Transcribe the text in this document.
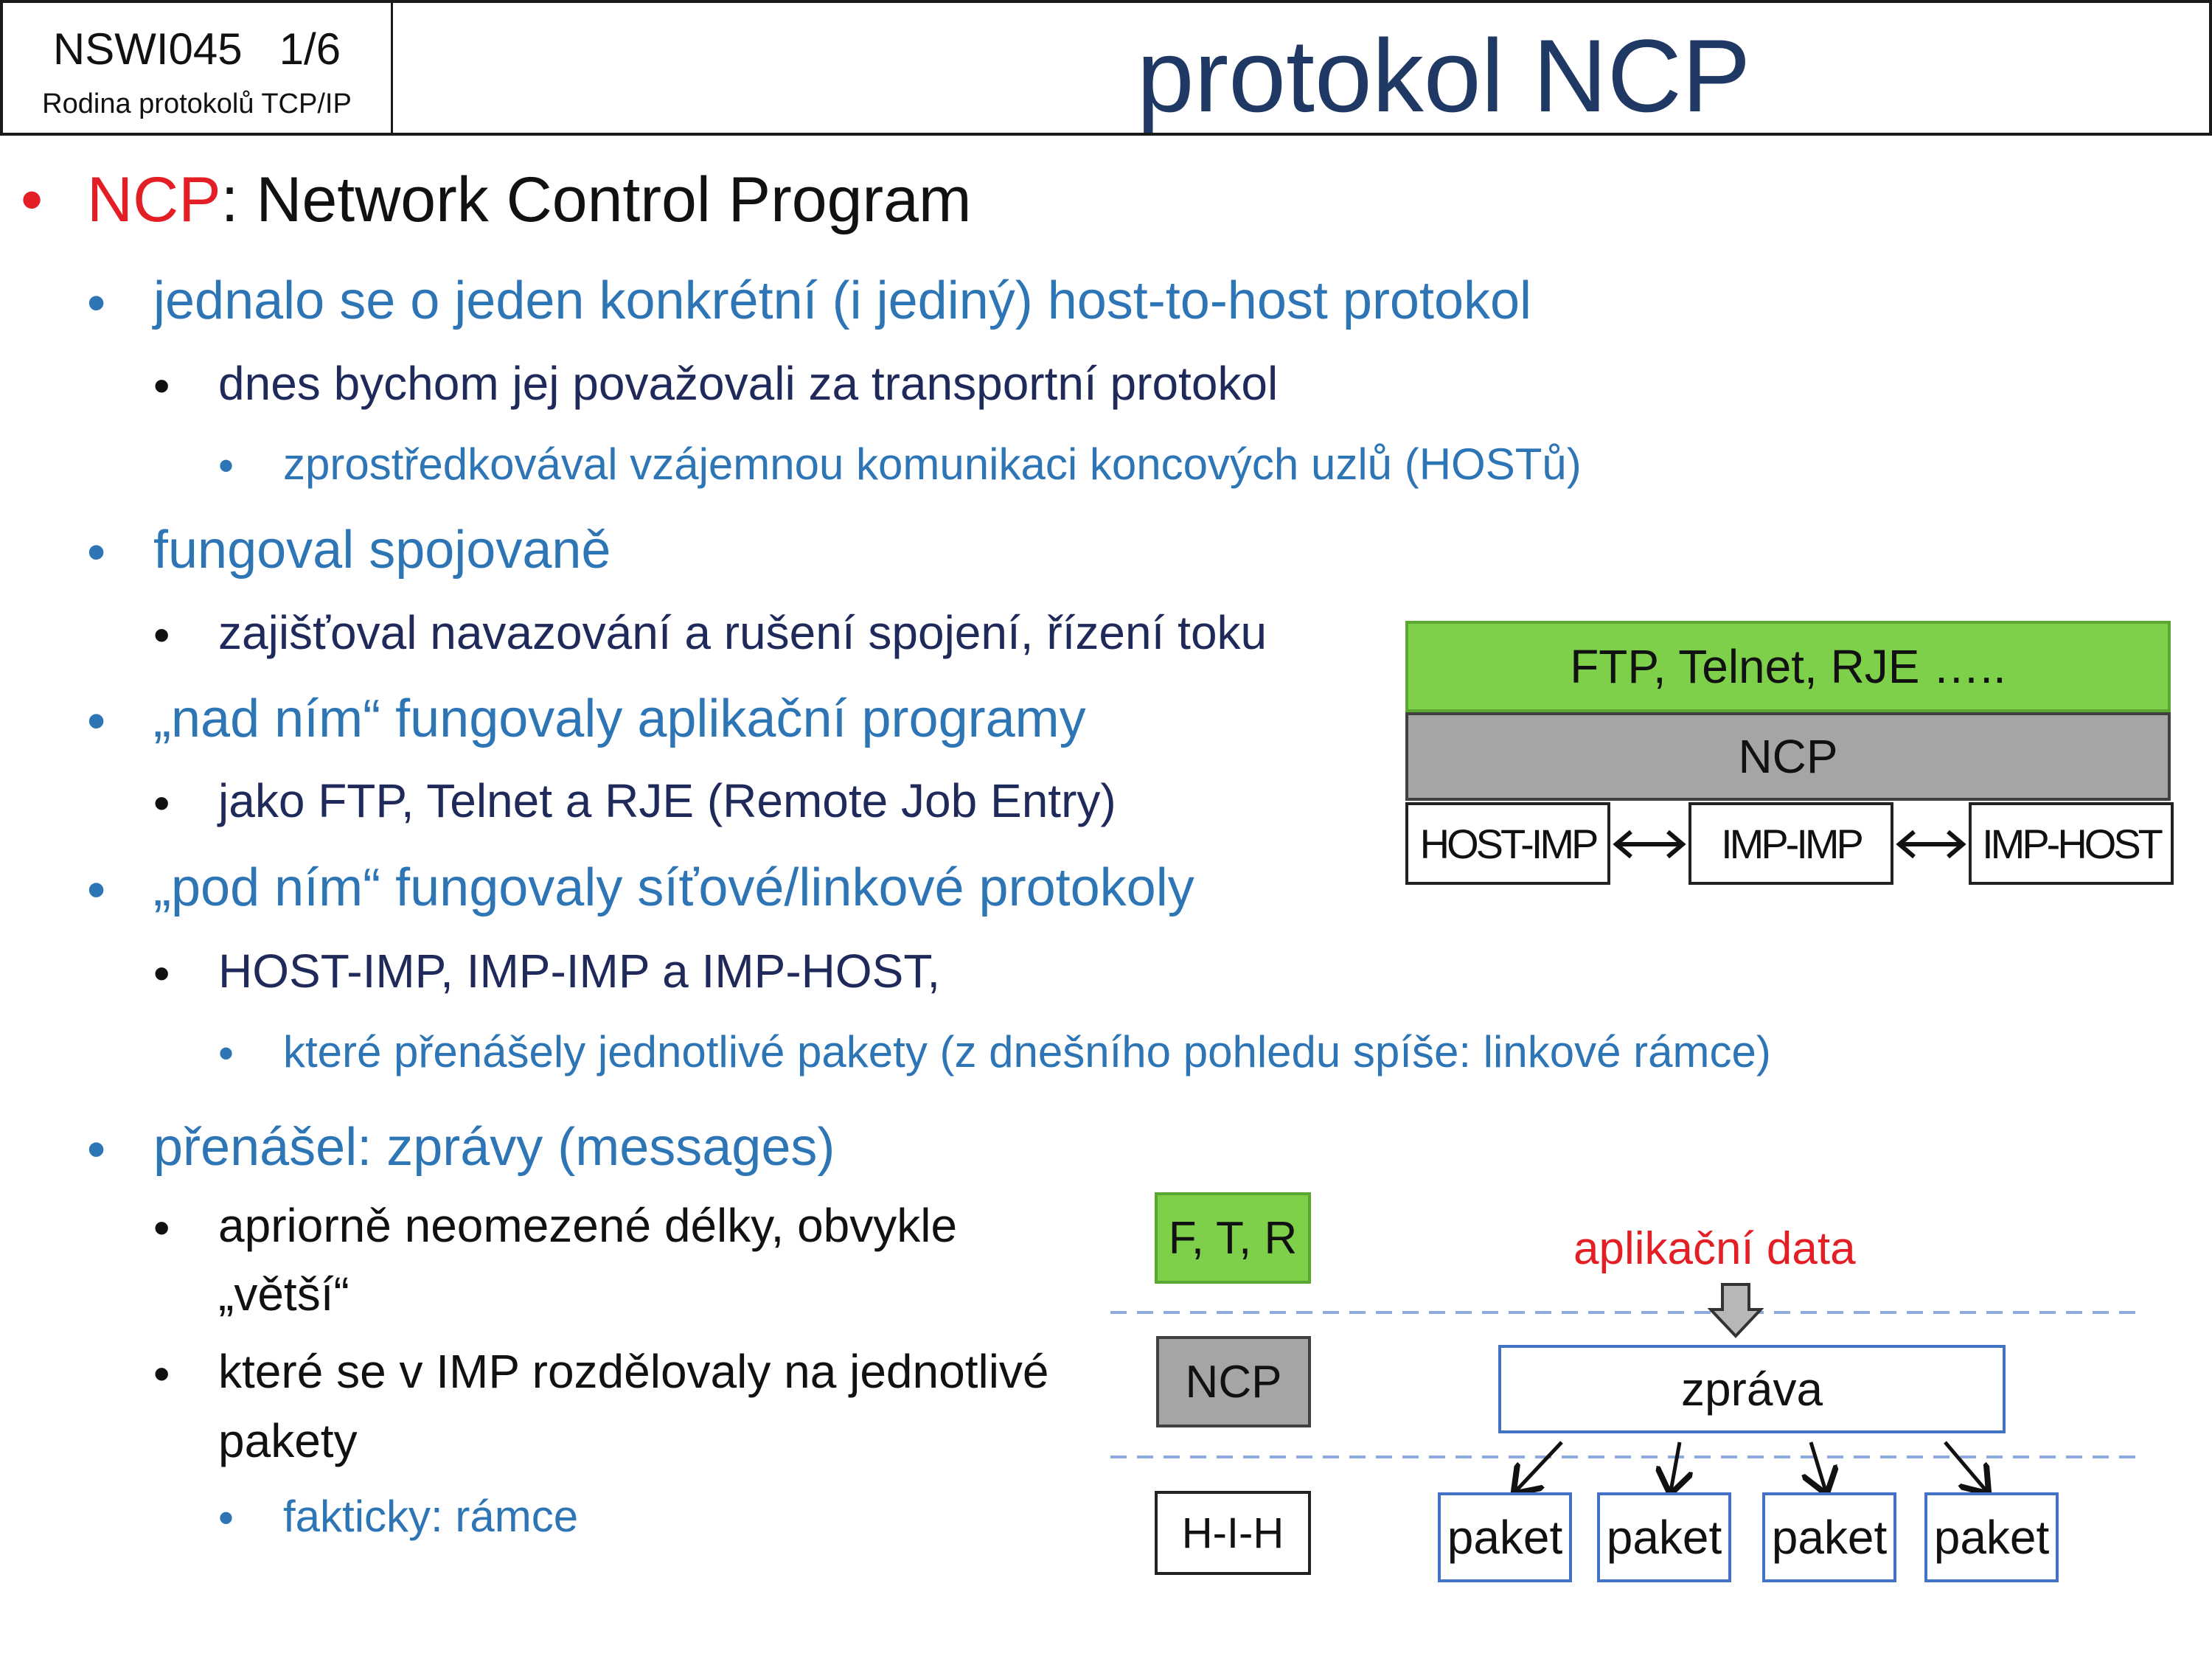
NSWI045   1/6
Rodina protokolů TCP/IP	protokol NCP
• NCP: Network Control Program
• jednalo se o jeden konkrétní (i jediný) host-to-host protokol
• dnes bychom jej považovali za transportní protokol
• zprostředkovával vzájemnou komunikaci koncových uzlů (HOSTů)
• fungoval spojovaně
• zajišťoval navazování a rušení spojení, řízení toku
• „nad ním“ fungovaly aplikační programy
• jako FTP, Telnet a RJE (Remote Job Entry)
• „pod ním“ fungovaly síťové/linkové protokoly
• HOST-IMP, IMP-IMP a IMP-HOST,
• které přenášely jednotlivé pakety (z dnešního pohledu spíše: linkové rámce)
• přenášel: zprávy (messages)
• apriorně neomezené délky, obvykle
„větší“
• které se v IMP rozdělovaly na jednotlivé
pakety
• fakticky: rámce
FTP, Telnet, RJE …..
NCP
HOST-IMP	IMP-IMP	IMP-HOST
F, T, R
NCP
H-I-H
aplikační data
zpráva
paket paket paket paket
